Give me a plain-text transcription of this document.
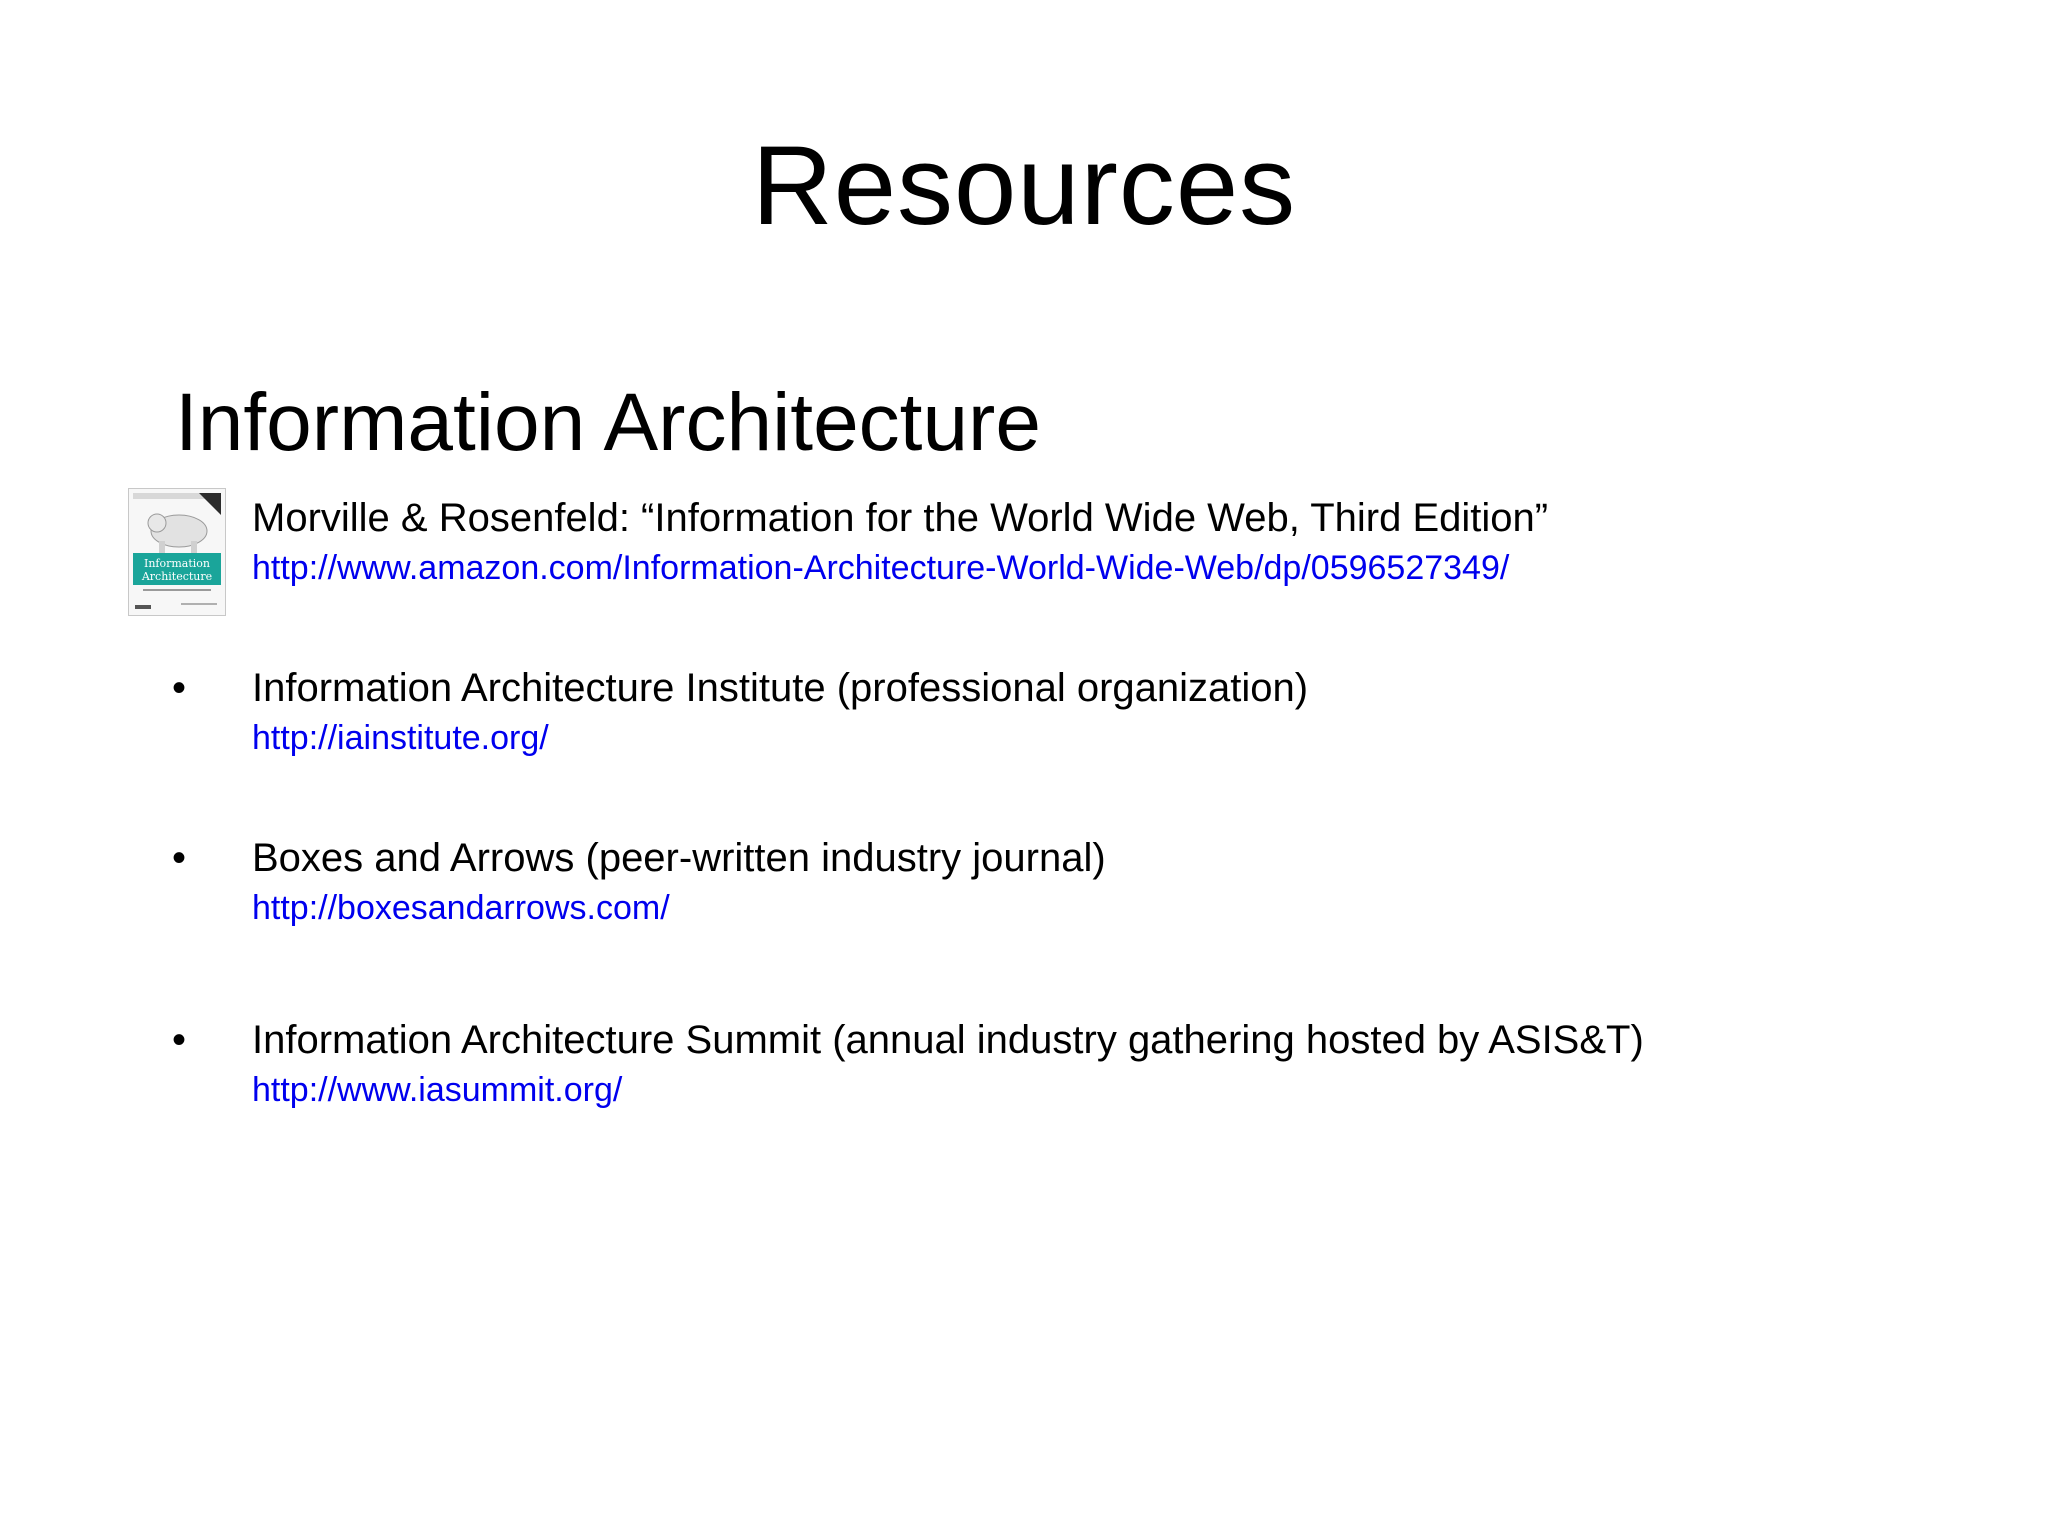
Resources
Information Architecture
Information
Architecture
Morville & Rosenfeld: “Information for the World Wide Web, Third Edition”
http://www.amazon.com/Information-Architecture-World-Wide-Web/dp/0596527349/
• Information Architecture Institute (professional organization)
http://iainstitute.org/
• Boxes and Arrows (peer-written industry journal)
http://boxesandarrows.com/
• Information Architecture Summit (annual industry gathering hosted by ASIS&T)
http://www.iasummit.org/
